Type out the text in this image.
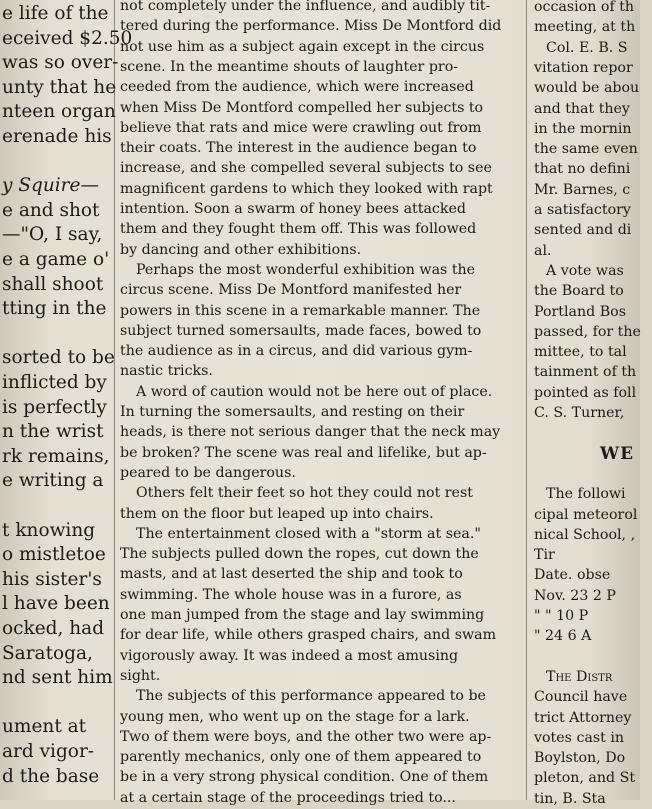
e life of the
eceived $2.50
was so over-
unty that he
nteen organ
erenade his
y Squire—
e and shot
—"O, I say,
e a game o'
shall shoot
tting in the
sorted to be
inflicted by
is perfectly
n the wrist
rk remains,
e writing a
t knowing
o mistletoe
his sister's
l have been
ocked, had
Saratoga,
nd sent him
ument at
ard vigor-
d the base
not completely under the influence, and audibly tit-
tered during the performance. Miss De Montford did
not use him as a subject again except in the circus
scene. In the meantime shouts of laughter pro-
ceeded from the audience, which were increased
when Miss De Montford compelled her subjects to
believe that rats and mice were crawling out from
their coats. The interest in the audience began to
increase, and she compelled several subjects to see
magnificent gardens to which they looked with rapt
intention. Soon a swarm of honey bees attacked
them and they fought them off. This was followed
by dancing and other exhibitions.
Perhaps the most wonderful exhibition was the
circus scene. Miss De Montford manifested her
powers in this scene in a remarkable manner. The
subject turned somersaults, made faces, bowed to
the audience as in a circus, and did various gym-
nastic tricks.
A word of caution would not be here out of place.
In turning the somersaults, and resting on their
heads, is there not serious danger that the neck may
be broken? The scene was real and lifelike, but ap-
peared to be dangerous.
Others felt their feet so hot they could not rest
them on the floor but leaped up into chairs.
The entertainment closed with a "storm at sea."
The subjects pulled down the ropes, cut down the
masts, and at last deserted the ship and took to
swimming. The whole house was in a furore, as
one man jumped from the stage and lay swimming
for dear life, while others grasped chairs, and swam
vigorously away. It was indeed a most amusing
sight.
The subjects of this performance appeared to be
young men, who went up on the stage for a lark.
Two of them were boys, and the other two were ap-
parently mechanics, only one of them appeared to
be in a very strong physical condition. One of them
at a certain stage of the proceedings tried to...
occasion of th
meeting, at th
Col. E. B. S
vitation repor
would be abou
and that they
in the mornin
the same even
that no defini
Mr. Barnes, c
a satisfactory
sented and di
al.
A vote was
the Board to
Portland Bos
passed, for the
mittee, to tal
tainment of th
pointed as foll
C. S. Turner,
WE
The followi
cipal meteorol
nical School, ,
Tir
Date. obse
Nov. 23 2 P
" " 10 P
" 24 6 A
The Distr
Council have
trict Attorney
votes cast in
Boylston, Do
pleton, and St
tin, B. Sta
